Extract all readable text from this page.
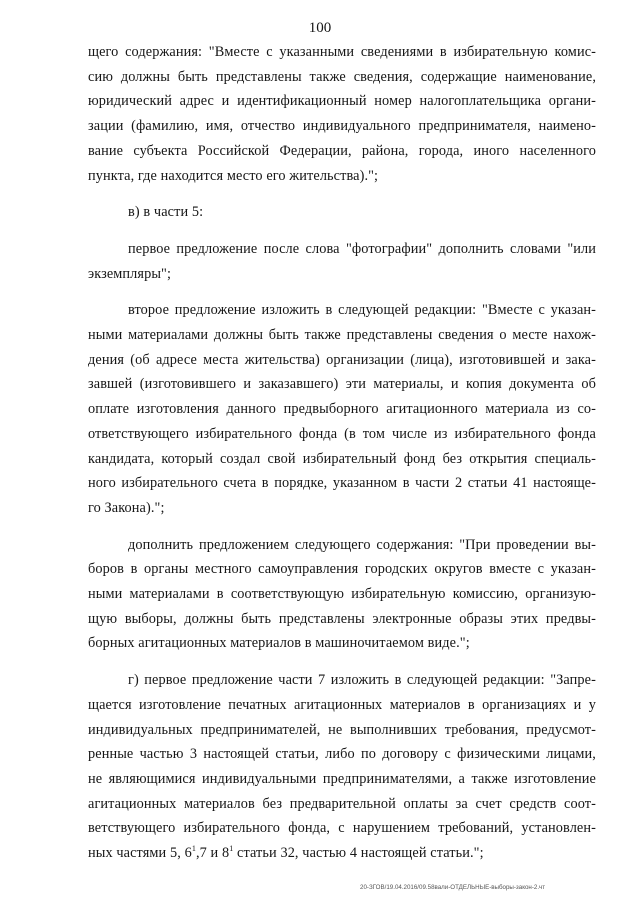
100
щего содержания: "Вместе с указанными сведениями в избирательную комис-
сию должны быть представлены также сведения, содержащие наименование,
юридический адрес и идентификационный номер налогоплательщика органи-
зации (фамилию, имя, отчество индивидуального предпринимателя, наимено-
вание субъекта Российской Федерации, района, города, иного населенного
пункта, где находится место его жительства).";
в) в части 5:
первое предложение после слова "фотографии" дополнить словами "или
экземпляры";
второе предложение изложить в следующей редакции: "Вместе с указан-
ными материалами должны быть также представлены сведения о месте нахож-
дения (об адресе места жительства) организации (лица), изготовившей и зака-
завшей (изготовившего и заказавшего) эти материалы, и копия документа об
оплате изготовления данного предвыборного агитационного материала из со-
ответствующего избирательного фонда (в том числе из избирательного фонда
кандидата, который создал свой избирательный фонд без открытия специаль-
ного избирательного счета в порядке, указанном в части 2 статьи 41 настояще-
го Закона).";
дополнить предложением следующего содержания: "При проведении вы-
боров в органы местного самоуправления городских округов вместе с указан-
ными материалами в соответствующую избирательную комиссию, организую-
щую выборы, должны быть представлены электронные образы этих предвы-
борных агитационных материалов в машиночитаемом виде.";
г) первое предложение части 7 изложить в следующей редакции: "Запре-
щается изготовление печатных агитационных материалов в организациях и у
индивидуальных предпринимателей, не выполнивших требования, предусмот-
ренные частью 3 настоящей статьи, либо по договору с физическими лицами,
не являющимися индивидуальными предпринимателями, а также изготовление
агитационных материалов без предварительной оплаты за счет средств соот-
ветствующего избирательного фонда, с нарушением требований, установлен-
ных частями 5, $6^1,7$ и $8^1$ статьи 32, частью 4 настоящей статьи.";
20-ЗГОВ/19.04.2016/09.58вали-ОТДЕЛЬНЫЕ-выборы-закон-2.чт
